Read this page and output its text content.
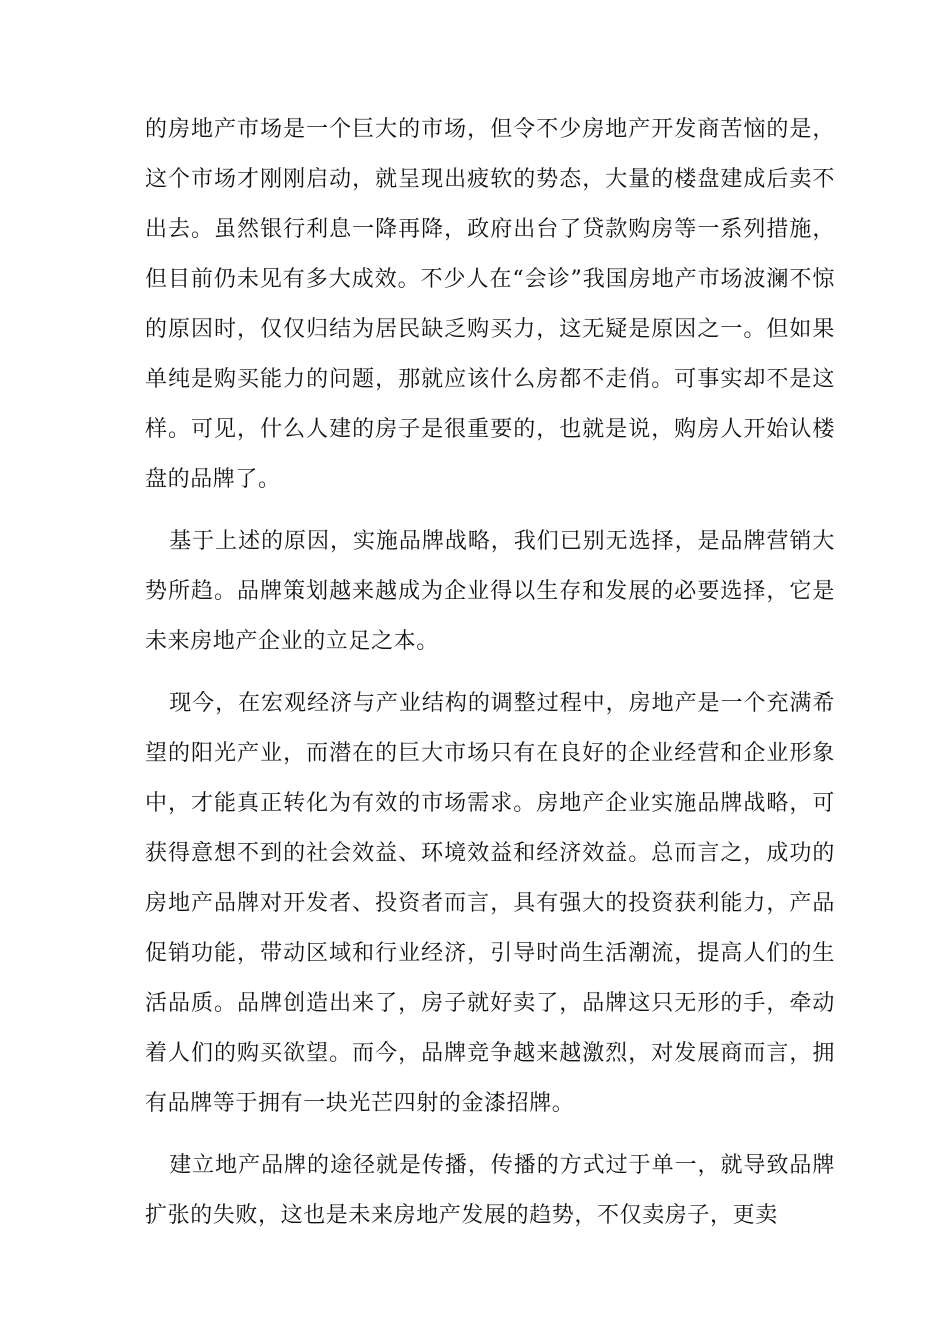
的房地产市场是一个巨大的市场，但令不少房地产开发商苦恼的是，这个市场才刚刚启动，就呈现出疲软的势态，大量的楼盘建成后卖不出去。虽然银行利息一降再降，政府出台了贷款购房等一系列措施，但目前仍未见有多大成效。不少人在“会诊”我国房地产市场波澜不惊的原因时，仅仅归结为居民缺乏购买力，这无疑是原因之一。但如果单纯是购买能力的问题，那就应该什么房都不走俏。可事实却不是这样。可见，什么人建的房子是很重要的，也就是说，购房人开始认楼盘的品牌了。

基于上述的原因，实施品牌战略，我们已别无选择，是品牌营销大势所趋。品牌策划越来越成为企业得以生存和发展的必要选择，它是未来房地产企业的立足之本。

现今，在宏观经济与产业结构的调整过程中，房地产是一个充满希望的阳光产业，而潜在的巨大市场只有在良好的企业经营和企业形象中，才能真正转化为有效的市场需求。房地产企业实施品牌战略，可获得意想不到的社会效益、环境效益和经济效益。总而言之，成功的房地产品牌对开发者、投资者而言，具有强大的投资获利能力，产品促销功能，带动区域和行业经济，引导时尚生活潮流，提高人们的生活品质。品牌创造出来了，房子就好卖了，品牌这只无形的手，牵动着人们的购买欲望。而今，品牌竞争越来越激烈，对发展商而言，拥有品牌等于拥有一块光芒四射的金漆招牌。

建立地产品牌的途径就是传播，传播的方式过于单一，就导致品牌扩张的失败，这也是未来房地产发展的趋势，不仅卖房子，更卖
